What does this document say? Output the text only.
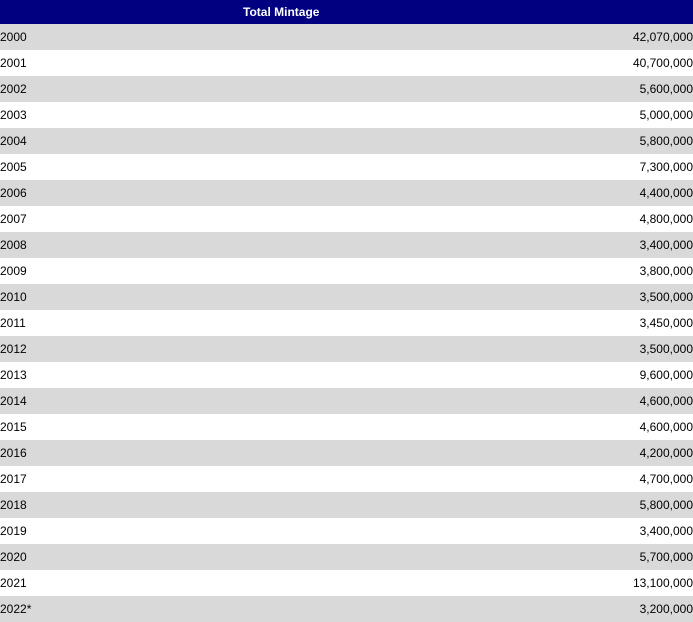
	Total Mintage
2000	42,070,000
2001	40,700,000
2002	5,600,000
2003	5,000,000
2004	5,800,000
2005	7,300,000
2006	4,400,000
2007	4,800,000
2008	3,400,000
2009	3,800,000
2010	3,500,000
2011	3,450,000
2012	3,500,000
2013	9,600,000
2014	4,600,000
2015	4,600,000
2016	4,200,000
2017	4,700,000
2018	5,800,000
2019	3,400,000
2020	5,700,000
2021	13,100,000
2022*	3,200,000
